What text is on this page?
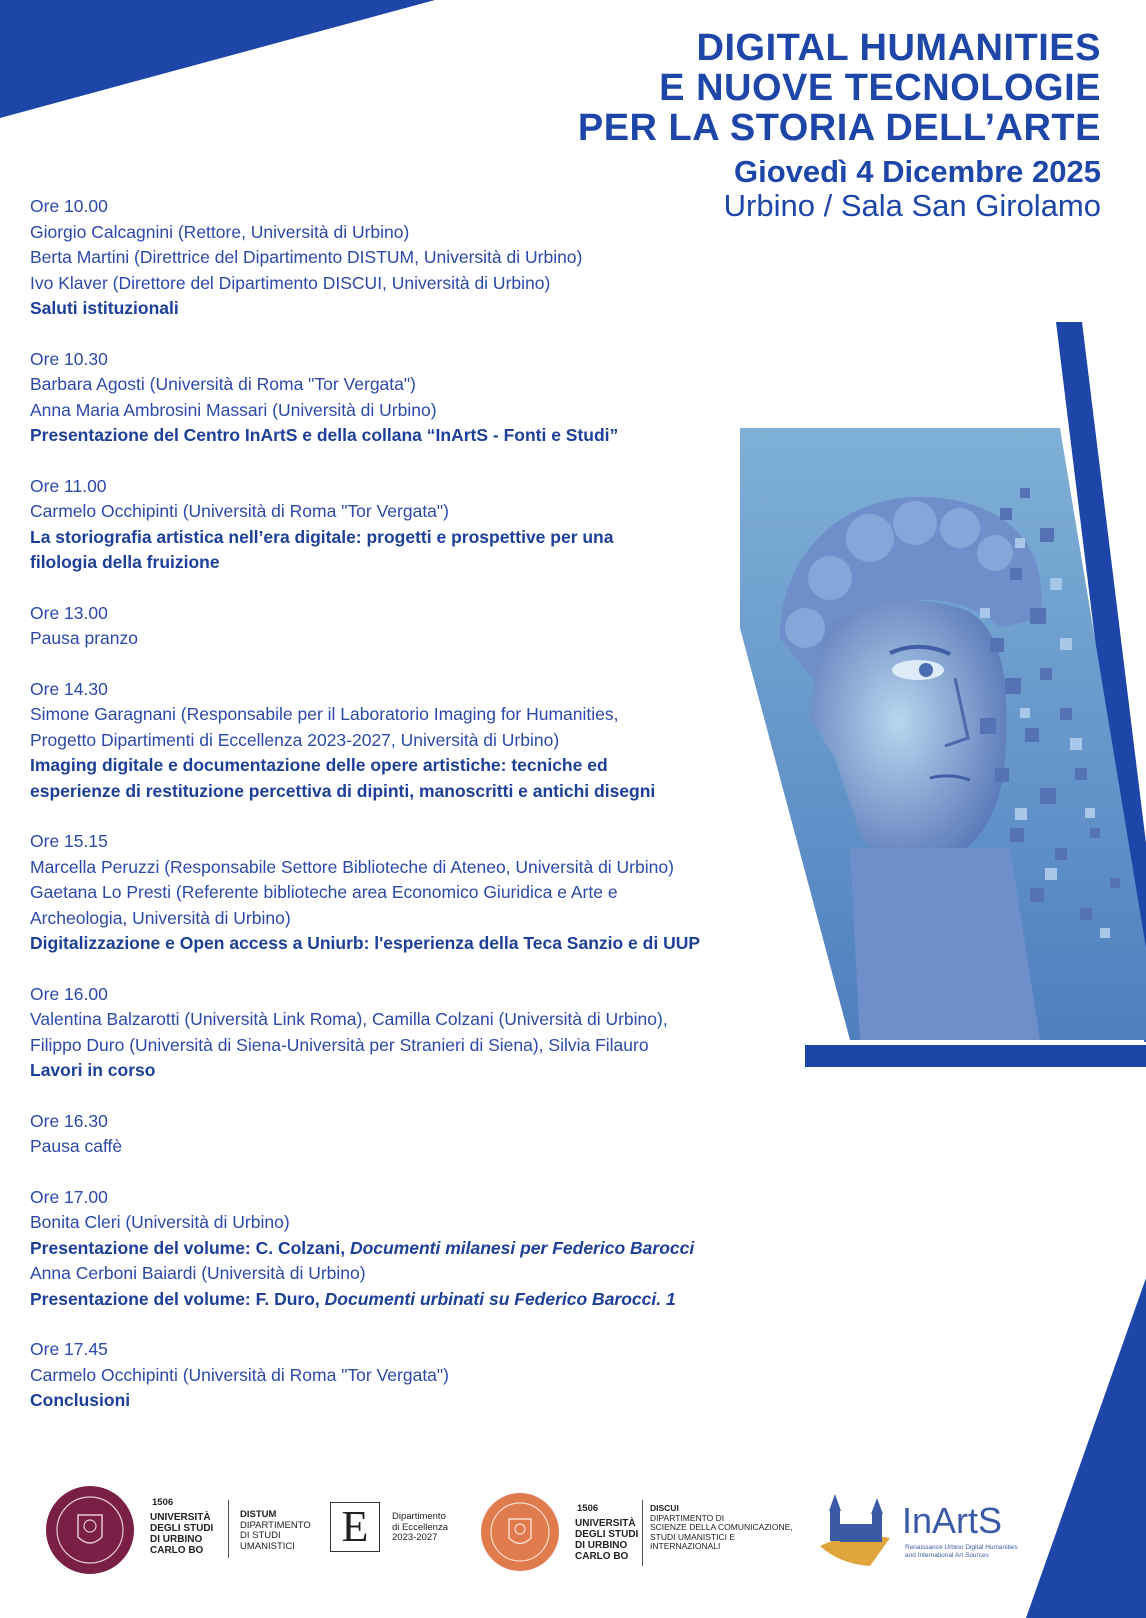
DIGITAL HUMANITIES
E NUOVE TECNOLOGIE
PER LA STORIA DELL’ARTE
Giovedì 4 Dicembre 2025
Urbino / Sala San Girolamo
Ore 10.00
Giorgio Calcagnini (Rettore, Università di Urbino)
Berta Martini (Direttrice del Dipartimento DISTUM, Università di Urbino)
Ivo Klaver (Direttore del Dipartimento DISCUI, Università di Urbino)
Saluti istituzionali
Ore 10.30
Barbara Agosti (Università di Roma "Tor Vergata")
Anna Maria Ambrosini Massari (Università di Urbino)
Presentazione del Centro InArtS e della collana “InArtS - Fonti e Studi”
Ore 11.00
Carmelo Occhipinti (Università di Roma "Tor Vergata")
La storiografia artistica nell’era digitale: progetti e prospettive per una
filologia della fruizione
Ore 13.00
Pausa pranzo
Ore 14.30
Simone Garagnani (Responsabile per il Laboratorio Imaging for Humanities,
Progetto Dipartimenti di Eccellenza 2023-2027, Università di Urbino)
Imaging digitale e documentazione delle opere artistiche: tecniche ed
esperienze di restituzione percettiva di dipinti, manoscritti e antichi disegni
Ore 15.15
Marcella Peruzzi (Responsabile Settore Biblioteche di Ateneo, Università di Urbino)
Gaetana Lo Presti (Referente biblioteche area Economico Giuridica e Arte e
Archeologia, Università di Urbino)
Digitalizzazione e Open access a Uniurb: l'esperienza della Teca Sanzio e di UUP
Ore 16.00
Valentina Balzarotti (Università Link Roma), Camilla Colzani (Università di Urbino),
Filippo Duro (Università di Siena-Università per Stranieri di Siena), Silvia Filauro
Lavori in corso
Ore 16.30
Pausa caffè
Ore 17.00
Bonita Cleri (Università di Urbino)
Presentazione del volume: C. Colzani, Documenti milanesi per Federico Barocci
Anna Cerboni Baiardi (Università di Urbino)
Presentazione del volume: F. Duro, Documenti urbinati su Federico Barocci. 1
Ore 17.45
Carmelo Occhipinti (Università di Roma "Tor Vergata")
Conclusioni
1506
UNIVERSITÀ
DEGLI STUDI
DI URBINO
CARLO BO
DISTUM
DIPARTIMENTO
DI STUDI
UMANISTICI	E	Dipartimento
di Eccellenza
2023-2027
1506
UNIVERSITÀ
DEGLI STUDI
DI URBINO
CARLO BO
DISCUI
DIPARTIMENTO DI
SCIENZE DELLA COMUNICAZIONE,
STUDI UMANISTICI E
INTERNAZIONALI
InArtS
Renaissance Urbino Digital Humanities
and International Art Sources
